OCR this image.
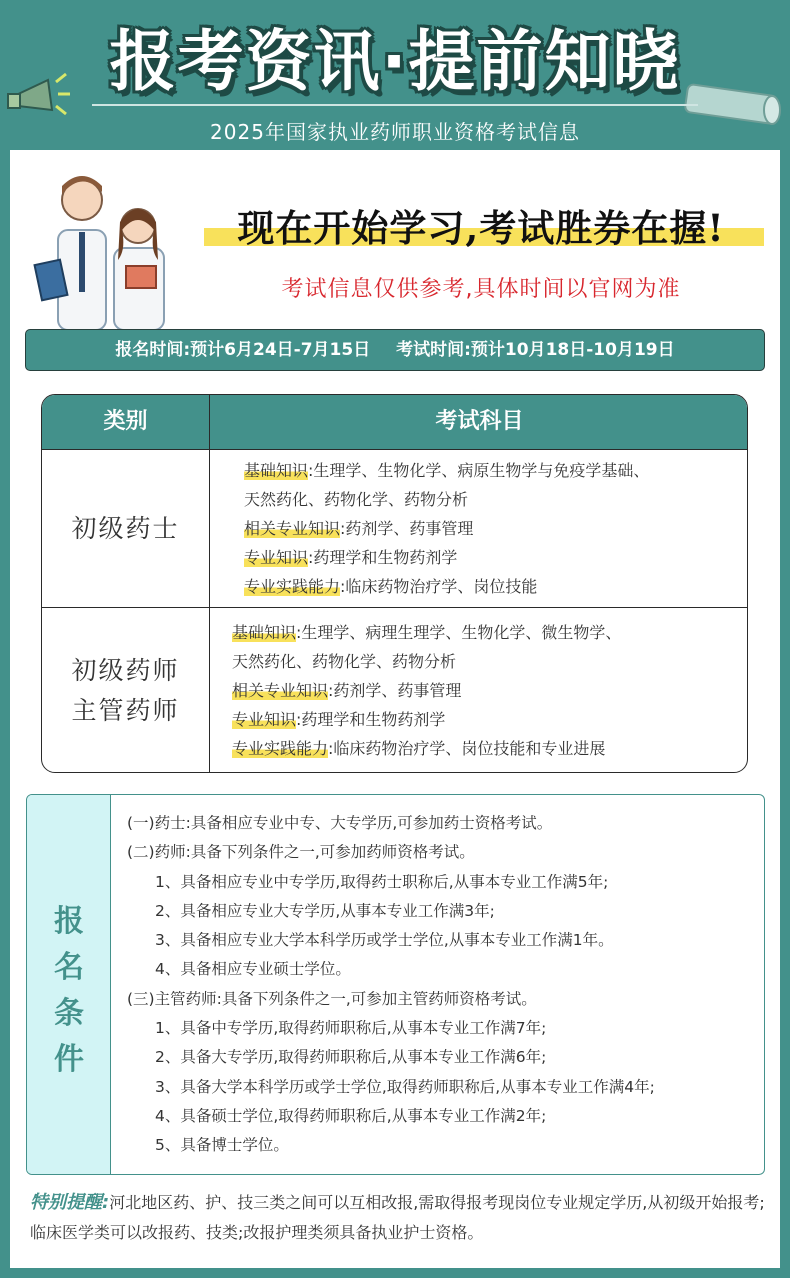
报考资讯·提前知晓
2025年国家执业药师职业资格考试信息
现在开始学习,考试胜券在握!
考试信息仅供参考,具体时间以官网为准
报名时间:预计6月24日-7月15日 考试时间:预计10月18日-10月19日
类别	考试科目
初级药士
基础知识:生理学、生物化学、病原生物学与免疫学基础、
天然药化、药物化学、药物分析
相关专业知识:药剂学、药事管理
专业知识:药理学和生物药剂学
专业实践能力:临床药物治疗学、岗位技能
初级药师
主管药师
基础知识:生理学、病理生理学、生物化学、微生物学、
天然药化、药物化学、药物分析
相关专业知识:药剂学、药事管理
专业知识:药理学和生物药剂学
专业实践能力:临床药物治疗学、岗位技能和专业进展
报
名
条
件
(一)药士:具备相应专业中专、大专学历,可参加药士资格考试。
(二)药师:具备下列条件之一,可参加药师资格考试。
1、具备相应专业中专学历,取得药士职称后,从事本专业工作满5年;
2、具备相应专业大专学历,从事本专业工作满3年;
3、具备相应专业大学本科学历或学士学位,从事本专业工作满1年。
4、具备相应专业硕士学位。
(三)主管药师:具备下列条件之一,可参加主管药师资格考试。
1、具备中专学历,取得药师职称后,从事本专业工作满7年;
2、具备大专学历,取得药师职称后,从事本专业工作满6年;
3、具备大学本科学历或学士学位,取得药师职称后,从事本专业工作满4年;
4、具备硕士学位,取得药师职称后,从事本专业工作满2年;
5、具备博士学位。
特别提醒:河北地区药、护、技三类之间可以互相改报,需取得报考现岗位专业规定学历,从初级开始报考;临床医学类可以改报药、技类;改报护理类须具备执业护士资格。
